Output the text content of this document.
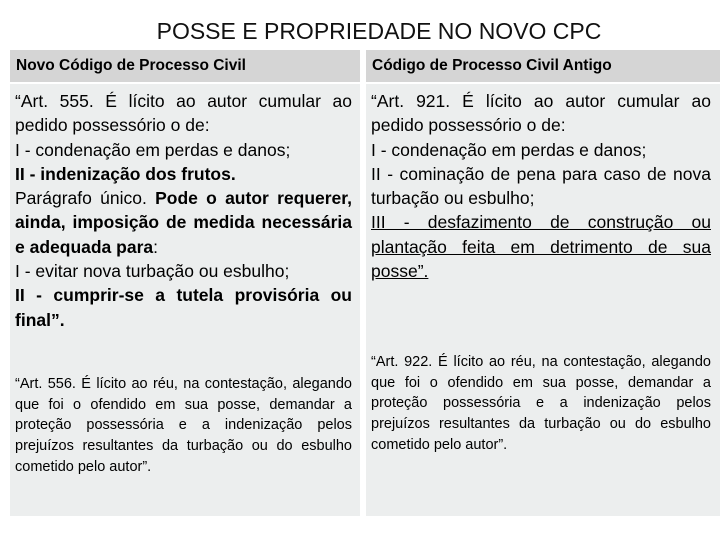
POSSE E PROPRIEDADE NO NOVO CPC
Novo Código de Processo Civil	Código de Processo Civil Antigo

“Art. 555. É lícito ao autor cumular ao pedido possessório o de:

I - condenação em perdas e danos;

II - indenização dos frutos.

Parágrafo único. Pode o autor requerer, ainda, imposição de medida necessária e adequada para:

I - evitar nova turbação ou esbulho;

II - cumprir-se a tutela provisória ou final”.

“Art. 556. É lícito ao réu, na contestação, alegando que foi o ofendido em sua posse, demandar a proteção possessória e a indenização pelos prejuízos resultantes da turbação ou do esbulho cometido pelo autor”.

“Art. 921. É lícito ao autor cumular ao pedido possessório o de:

I - condenação em perdas e danos;

II - cominação de pena para caso de nova turbação ou esbulho;

III - desfazimento de construção ou plantação feita em detrimento de sua posse”.

“Art. 922. É lícito ao réu, na contestação, alegando que foi o ofendido em sua posse, demandar a proteção possessória e a indenização pelos prejuízos resultantes da turbação ou do esbulho cometido pelo autor”.
